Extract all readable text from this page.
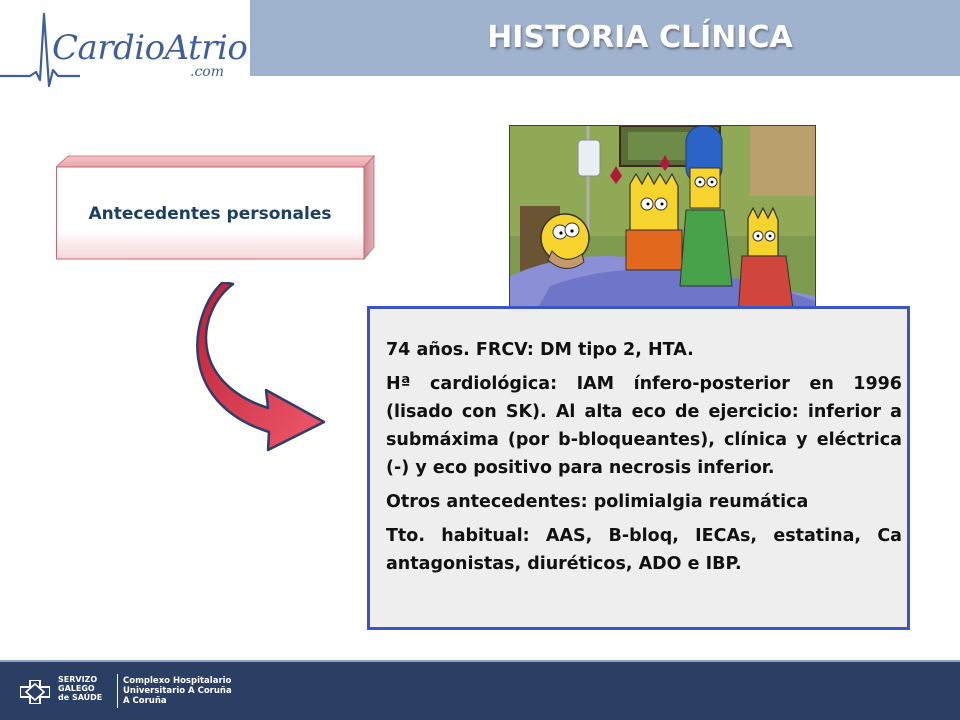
CardioAtrio
.com
HISTORIA CLÍNICA
Antecedentes personales

74 años. FRCV: DM tipo 2, HTA.

Hª cardiológica: IAM ínfero-posterior en 1996 (lisado con SK). Al alta eco de ejercicio: inferior a submáxima (por b-bloqueantes), clínica y eléctrica (-) y eco positivo para necrosis inferior.

Otros antecedentes: polimialgia reumática

Tto. habitual: AAS, B-bloq, IECAs, estatina, Ca antagonistas, diuréticos, ADO e IBP.

SERVIZO
GALEGO
de SAÚDE
Complexo Hospitalario
Universitario A Coruña
A Coruña
